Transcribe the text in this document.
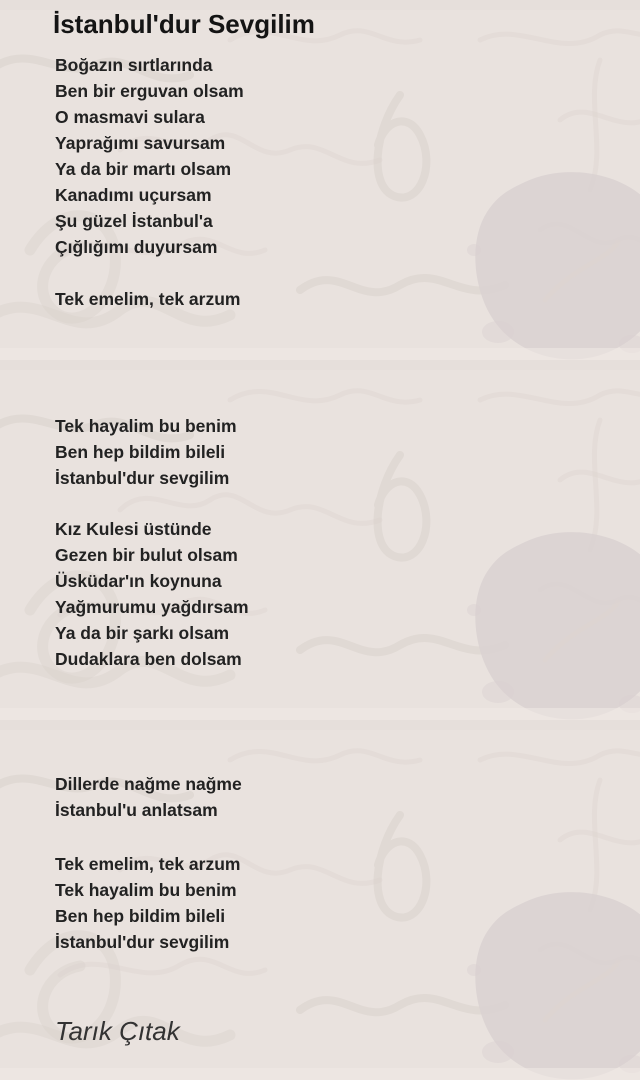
İstanbul'dur Sevgilim
Boğazın sırtlarında
Ben bir erguvan olsam
O masmavi sulara
Yaprağımı savursam
Ya da bir martı olsam
Kanadımı uçursam
Şu güzel İstanbul'a
Çığlığımı duyursam
Tek emelim, tek arzum
Tek hayalim bu benim
Ben hep bildim bileli
İstanbul'dur sevgilim
Kız Kulesi üstünde
Gezen bir bulut olsam
Üsküdar'ın koynuna
Yağmurumu yağdırsam
Ya da bir şarkı olsam
Dudaklara ben dolsam
Dillerde nağme nağme
İstanbul'u anlatsam
Tek emelim, tek arzum
Tek hayalim bu benim
Ben hep bildim bileli
İstanbul'dur sevgilim
Tarık Çıtak
